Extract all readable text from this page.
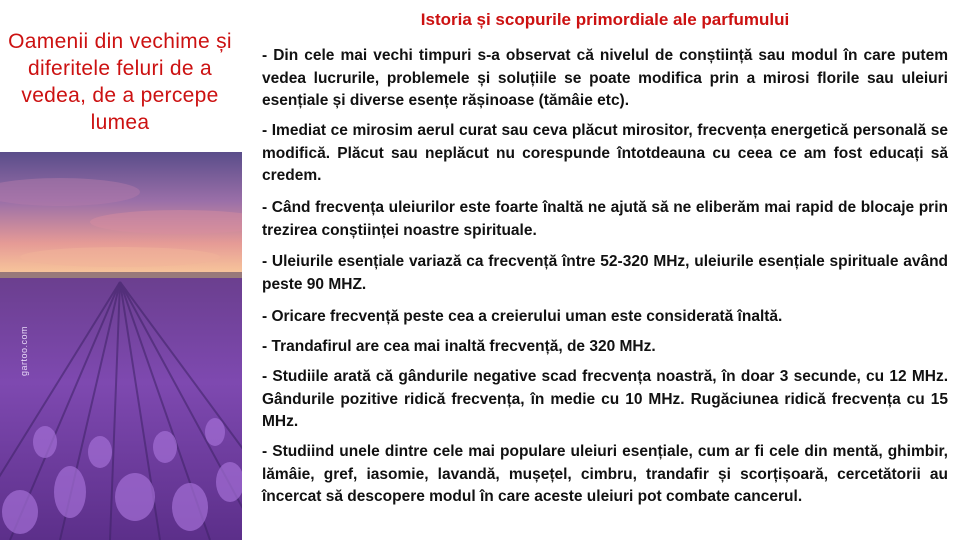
Oamenii din vechime și diferitele feluri de a vedea, de a percepe lumea
Istoria și scopurile primordiale ale parfumului
gartoo.com

- Din cele mai vechi timpuri s-a observat că nivelul de conștiință sau modul în care putem vedea lucrurile, problemele și soluțiile se poate modifica prin a mirosi florile sau uleiuri esențiale și diverse esențe rășinoase (tămâie etc).

- Imediat ce mirosim aerul curat sau ceva plăcut mirositor, frecvența energetică personală se modifică. Plăcut sau neplăcut nu corespunde întotdeauna cu ceea ce am fost educați să credem.

- Când frecvența uleiurilor este foarte înaltă ne ajută să ne eliberăm mai rapid de blocaje prin trezirea conștiinței noastre spirituale.

- Uleiurile esențiale variază ca frecvență între 52-320 MHz, uleiurile esențiale spirituale având peste 90 MHZ.

- Oricare frecvență peste cea a creierului uman este considerată înaltă.

- Trandafirul are cea mai inaltă frecvență, de 320 MHz.

- Studiile arată că gândurile negative scad frecvența noastră, în doar 3 secunde, cu 12 MHz. Gândurile pozitive ridică frecvența, în medie cu 10 MHz. Rugăciunea ridică frecvența cu 15 MHz.

- Studiind unele dintre cele mai populare uleiuri esențiale, cum ar fi cele din mentă, ghimbir, lămâie, gref, iasomie, lavandă, mușețel, cimbru, trandafir și scorțișoară, cercetătorii au încercat să descopere modul în care aceste uleiuri pot combate cancerul.
